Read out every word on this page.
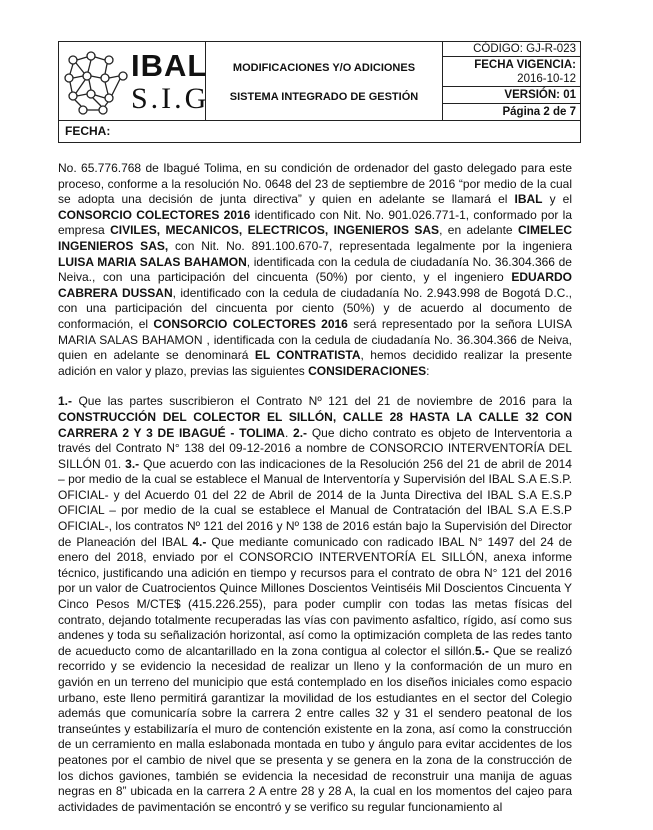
IBAL
S.I.G
MODIFICACIONES Y/O ADICIONES
SISTEMA INTEGRADO DE GESTIÓN
CÓDIGO: GJ-R-023
FECHA VIGENCIA:
2016-10-12
VERSIÓN: 01
Página 2 de 7
FECHA:

No. 65.776.768 de Ibagué Tolima, en su condición de ordenador del gasto delegado para este proceso, conforme a la resolución No. 0648 del 23 de septiembre de 2016 “por medio de la cual se adopta una decisión de junta directiva” y quien en adelante se llamará el IBAL y el CONSORCIO COLECTORES 2016 identificado con Nit. No. 901.026.771-1, conformado por la empresa CIVILES, MECANICOS, ELECTRICOS, INGENIEROS SAS, en adelante CIMELEC INGENIEROS SAS, con Nit. No. 891.100.670-7, representada legalmente por la ingeniera LUISA MARIA SALAS BAHAMON, identificada con la cedula de ciudadanía No. 36.304.366 de Neiva., con una participación del cincuenta (50%) por ciento, y el ingeniero EDUARDO CABRERA DUSSAN, identificado con la cedula de ciudadanía No. 2.943.998 de Bogotá D.C., con una participación del cincuenta por ciento (50%) y de acuerdo al documento de conformación, el CONSORCIO COLECTORES 2016 será representado por la señora LUISA MARIA SALAS BAHAMON , identificada con la cedula de ciudadanía No. 36.304.366 de Neiva, quien en adelante se denominará EL CONTRATISTA, hemos decidido realizar la presente adición en valor y plazo, previas las siguientes CONSIDERACIONES:

1.- Que las partes suscribieron el Contrato Nº 121 del 21 de noviembre de 2016 para la CONSTRUCCIÓN DEL COLECTOR EL SILLÓN, CALLE 28 HASTA LA CALLE 32 CON CARRERA 2 Y 3 DE IBAGUÉ - TOLIMA. 2.- Que dicho contrato es objeto de Interventoria a través del Contrato N° 138 del 09-12-2016 a nombre de CONSORCIO INTERVENTORÍA DEL SILLÓN 01. 3.- Que acuerdo con las indicaciones de la Resolución 256 del 21 de abril de 2014 – por medio de la cual se establece el Manual de Interventoría y Supervisión del IBAL S.A E.S.P. OFICIAL- y del Acuerdo 01 del 22 de Abril de 2014 de la Junta Directiva del IBAL S.A E.S.P OFICIAL – por medio de la cual se establece el Manual de Contratación del IBAL S.A E.S.P OFICIAL-, los contratos Nº 121 del 2016 y Nº 138 de 2016 están bajo la Supervisión del Director de Planeación del IBAL 4.- Que mediante comunicado con radicado IBAL N° 1497 del 24 de enero del 2018, enviado por el CONSORCIO INTERVENTORÍA EL SILLÓN, anexa informe técnico, justificando una adición en tiempo y recursos para el contrato de obra N° 121 del 2016 por un valor de Cuatrocientos Quince Millones Doscientos Veintiséis Mil Doscientos Cincuenta Y Cinco Pesos M/CTE$ (415.226.255), para poder cumplir con todas las metas físicas del contrato, dejando totalmente recuperadas las vías con pavimento asfaltico, rígido, así como sus andenes y toda su señalización horizontal, así como la optimización completa de las redes tanto de acueducto como de alcantarillado en la zona contigua al colector el sillón.5.- Que se realizó recorrido y se evidencio la necesidad de realizar un lleno y la conformación de un muro en gavión en un terreno del municipio que está contemplado en los diseños iniciales como espacio urbano, este lleno permitirá garantizar la movilidad de los estudiantes en el sector del Colegio además que comunicaría sobre la carrera 2 entre calles 32 y 31 el sendero peatonal de los transeúntes y estabilizaría el muro de contención existente en la zona, así como la construcción de un cerramiento en malla eslabonada montada en tubo y ángulo para evitar accidentes de los peatones por el cambio de nivel que se presenta y se genera en la zona de la construcción de los dichos gaviones, también se evidencia la necesidad de reconstruir una manija de aguas negras en 8” ubicada en la carrera 2 A entre 28 y 28 A, la cual en los momentos del cajeo para actividades de pavimentación se encontró y se verifico su regular funcionamiento al
